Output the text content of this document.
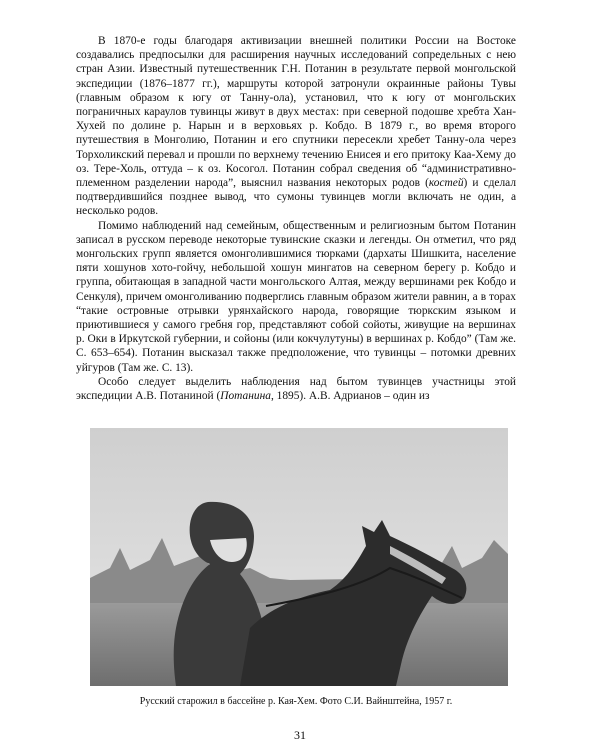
В 1870-е годы благодаря активизации внешней политики России на Востоке создавались предпосылки для расширения научных исследований сопредельных с нею стран Азии. Известный путешественник Г.Н. Потанин в результате первой монгольской экспедиции (1876–1877 гг.), маршруты которой затронули окраинные районы Тувы (главным образом к югу от Танну-ола), установил, что к югу от монгольских пограничных караулов тувинцы живут в двух местах: при северной подошве хребта Хан-Хухей по долине р. Нарын и в верховьях р. Кобдо. В 1879 г., во время второго путешествия в Монголию, Потанин и его спутники пересекли хребет Танну-ола через Торхоликский перевал и прошли по верхнему течению Енисея и его притоку Каа-Хему до оз. Тере-Холь, оттуда – к оз. Косогол. Потанин собрал сведения об “административно-племенном разделении народа”, выяснил названия некоторых родов (костей) и сделал подтвердившийся позднее вывод, что сумоны тувинцев могли включать не один, а несколько родов.

Помимо наблюдений над семейным, общественным и религиозным бытом Потанин записал в русском переводе некоторые тувинские сказки и легенды. Он отметил, что ряд монгольских групп является омонголившимися тюрками (дархаты Шишкита, население пяти хошунов хото-гойчу, небольшой хошун мингатов на северном берегу р. Кобдо и группа, обитающая в западной части монгольского Алтая, между вершинами рек Кобдо и Сенкуля), причем омонголиванию подверглись главным образом жители равнин, а в торах “такие островные отрывки урянхайского народа, говорящие тюркским языком и приютившиеся у самого гребня гор, представляют собой сойоты, живущие на вершинах р. Оки в Иркутской губернии, и сойоны (или кокчулутуны) в вершинах р. Кобдо” (Там же. С. 653–654). Потанин высказал также предположение, что тувинцы – потомки древних уйгуров (Там же. С. 13).

Особо следует выделить наблюдения над бытом тувинцев участницы этой экспедиции А.В. Потаниной (Потанина, 1895). А.В. Адрианов – один из

Русский старожил в бассейне р. Кая-Хем. Фото С.И. Вайнштейна, 1957 г.
31
